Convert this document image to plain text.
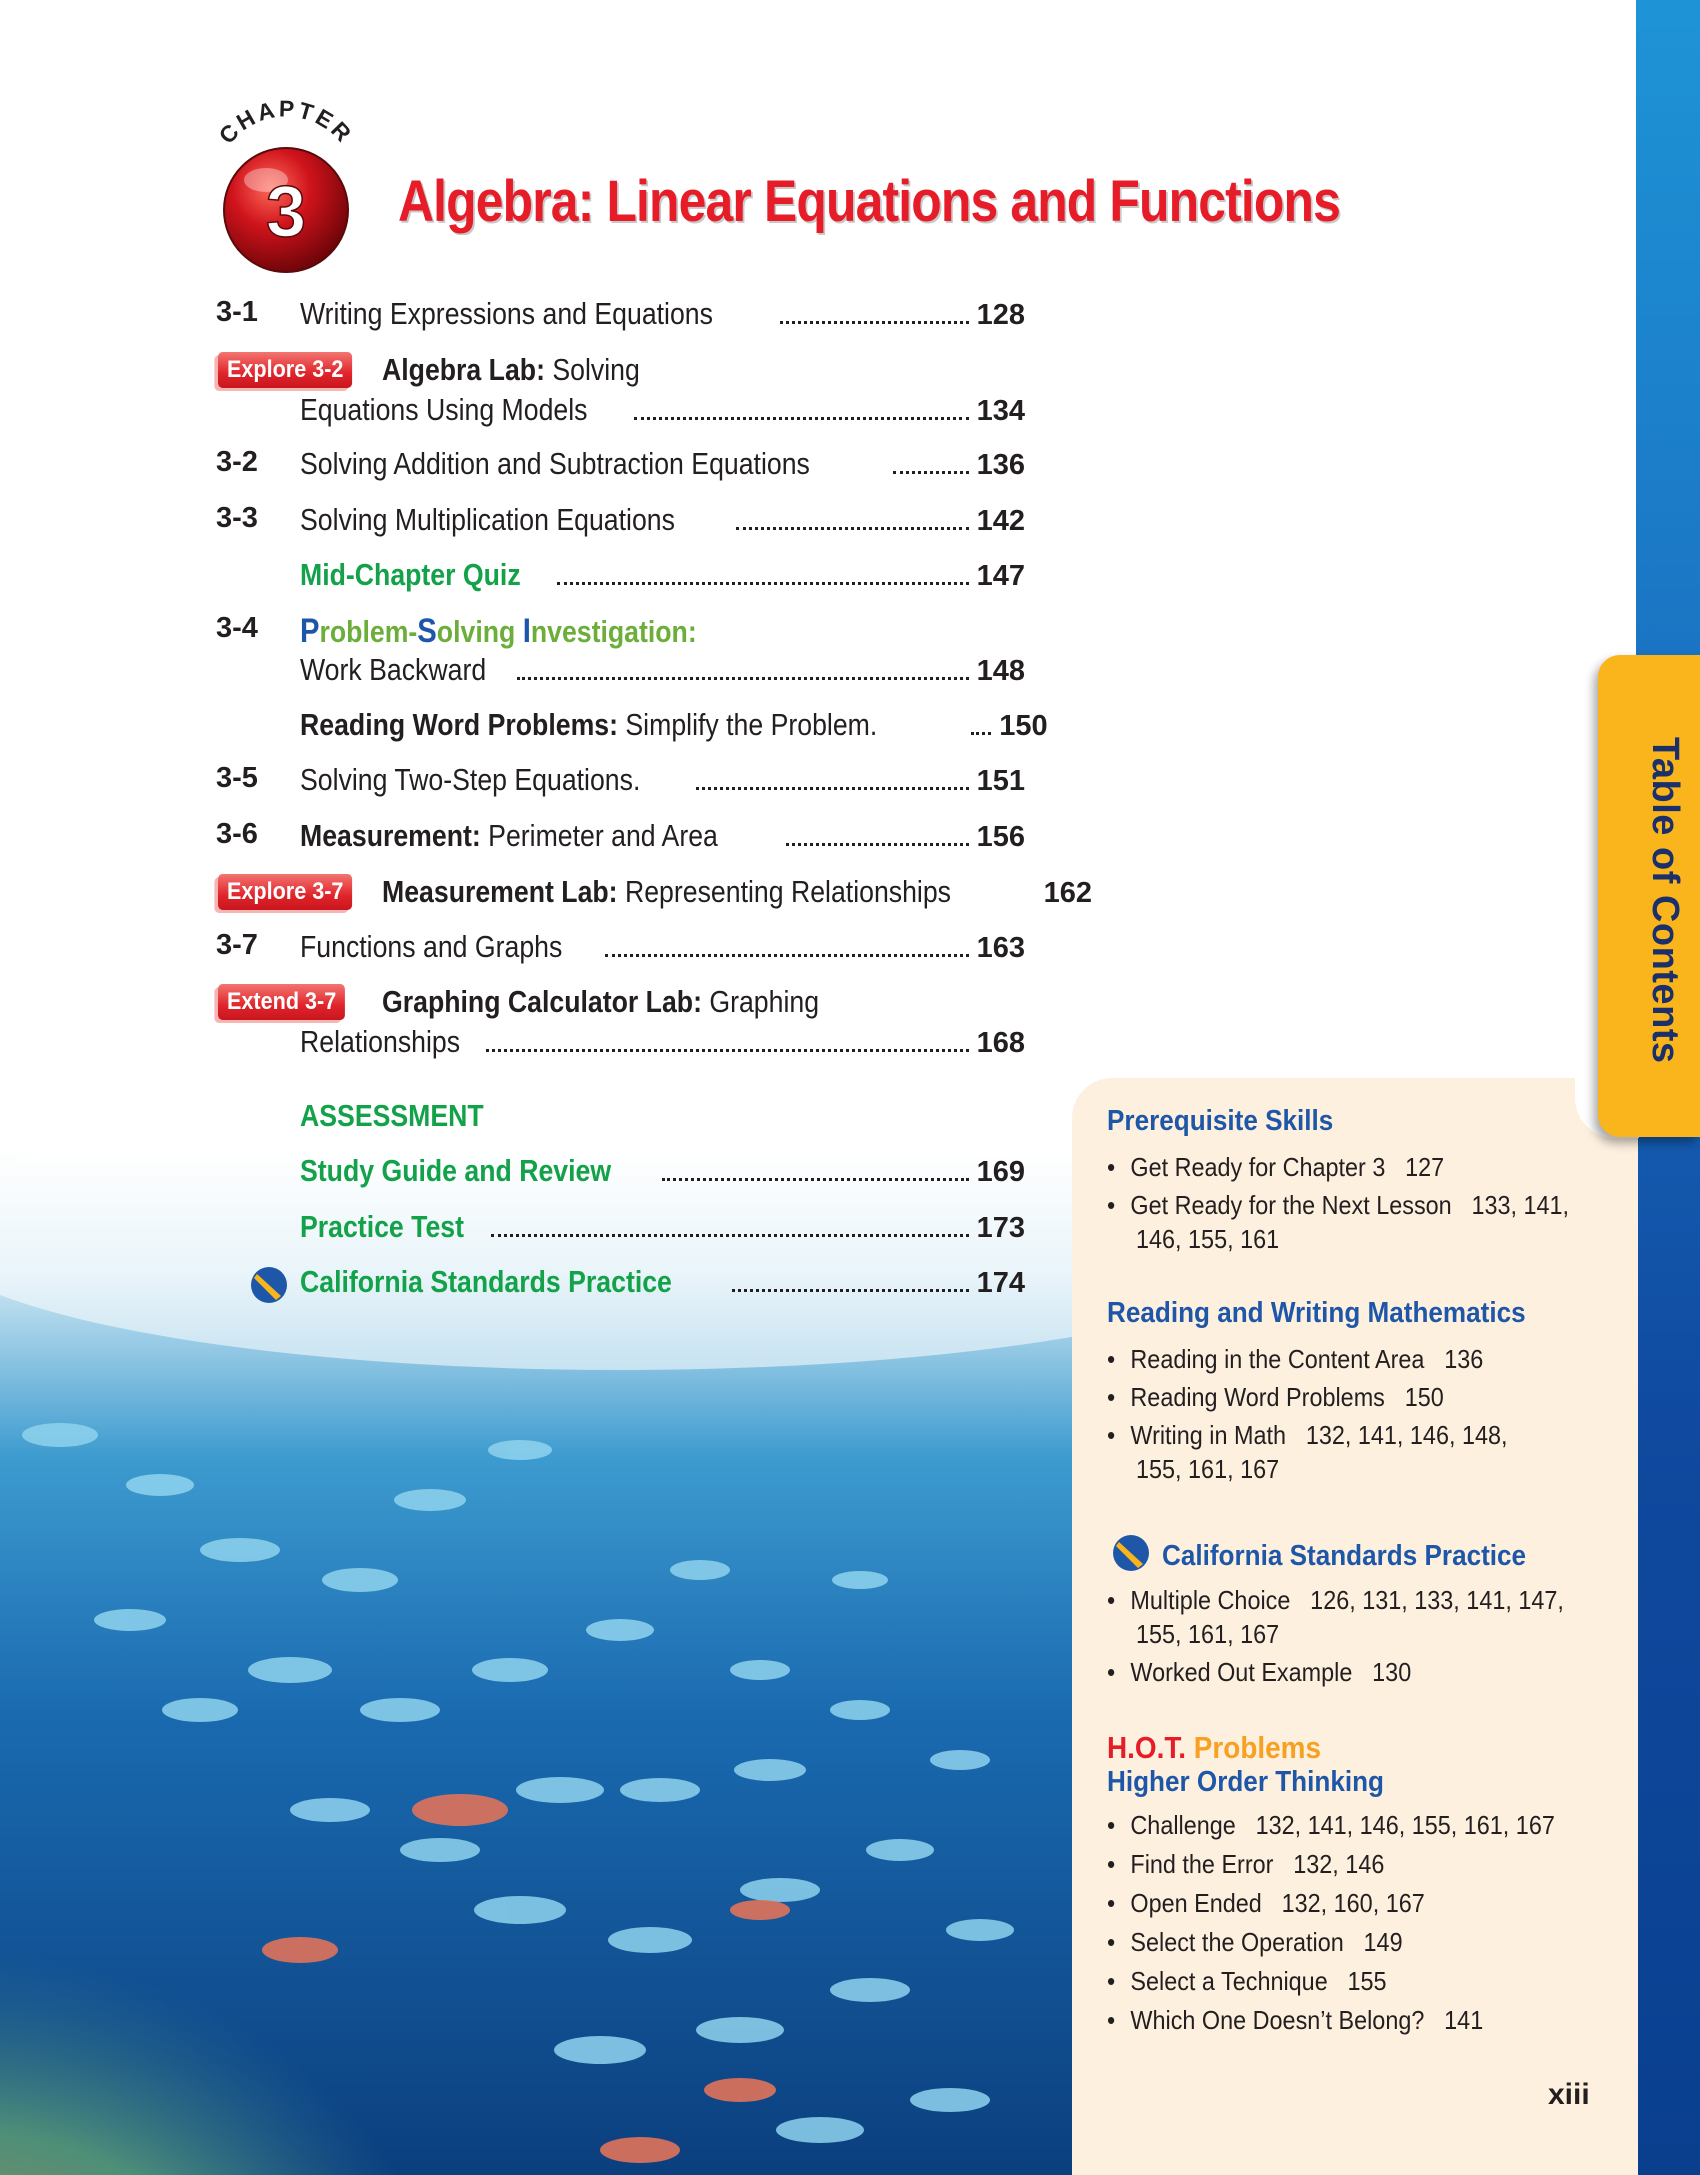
Table of Contents
CHAPTER
3 Algebra: Linear Equations and Functions
3-1 Writing Expressions and Equations	128
Explore 3-2 Algebra Lab: Solving
Equations Using Models	134
3-2 Solving Addition and Subtraction Equations	136
3-3 Solving Multiplication Equations	142
Mid-Chapter Quiz	147
3-4 Problem-Solving Investigation:
Work Backward	148
Reading Word Problems: Simplify the Problem.	150
3-5 Solving Two-Step Equations.	151
3-6 Measurement: Perimeter and Area	156
Explore 3-7 Measurement Lab: Representing Relationships	162
3-7 Functions and Graphs	163
Extend 3-7 Graphing Calculator Lab: Graphing
Relationships	168
ASSESSMENT
Study Guide and Review	169
Practice Test	173
California Standards Practice	174
Prerequisite Skills
• Get Ready for Chapter 3 127
• Get Ready for the Next Lesson 133, 141,
146, 155, 161
Reading and Writing Mathematics
• Reading in the Content Area 136
• Reading Word Problems 150
• Writing in Math 132, 141, 146, 148,
155, 161, 167
California Standards Practice
• Multiple Choice 126, 131, 133, 141, 147,
155, 161, 167
• Worked Out Example 130
H.O.T. Problems
Higher Order Thinking
• Challenge 132, 141, 146, 155, 161, 167
• Find the Error 132, 146
• Open Ended 132, 160, 167
• Select the Operation 149
• Select a Technique 155
• Which One Doesn’t Belong? 141
xiii
